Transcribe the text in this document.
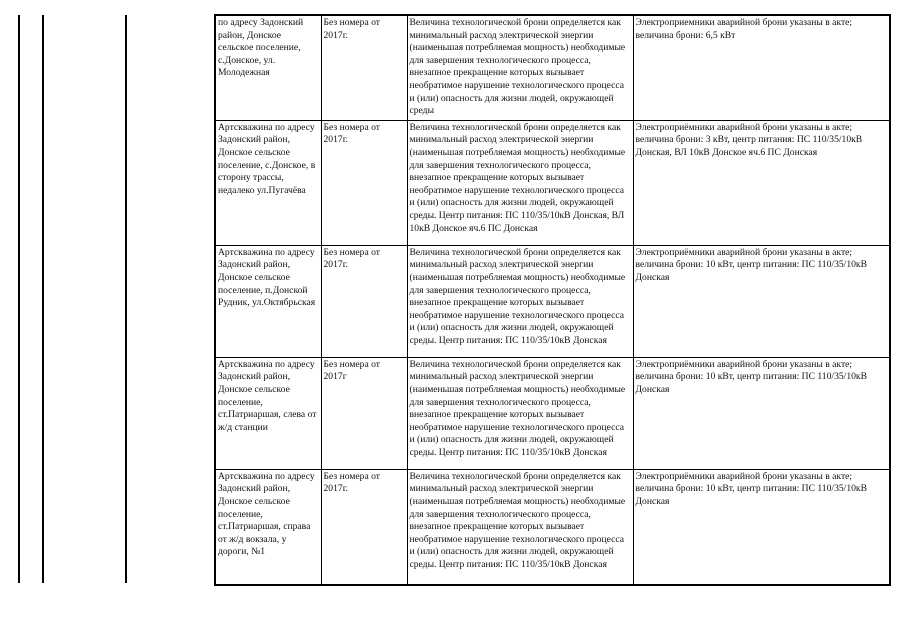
по адресу Задонский район, Донское сельское поселение, с.Донское, ул. Молодежная	Без номера от 2017г.	Величина технологической брони определяется как минимальный расход электрической энергии (наименьшая потребляемая мощность) необходимые для завершения технологического процесса, внезапное прекращение которых вызывает необратимое нарушение технологического процесса и (или) опасность для жизни людей, окружающей среды	Электроприемники аварийной брони указаны в акте; величина брони: 6,5 кВт
Артскважина по адресу Задонский район, Донское сельское поселение, с.Донское, в сторону трассы, недалеко ул.Пугачёва	Без номера от 2017г.	Величина технологической брони определяется как минимальный расход электрической энергии (наименьшая потребляемая мощность) необходимые для завершения технологического процесса, внезапное прекращение которых вызывает необратимое нарушение технологического процесса и (или) опасность для жизни людей, окружающей среды. Центр питания: ПС 110/35/10кВ Донская, ВЛ 10кВ Донское яч.6 ПС Донская	Электроприёмники аварийной брони указаны в акте; величина брони: 3 кВт, центр питания: ПС 110/35/10кВ Донская, ВЛ 10кВ Донское яч.6 ПС Донская
Артскважина по адресу Задонский район, Донское сельское поселение, п.Донской Рудник, ул.Октябрьская	Без номера от 2017г.	Величина технологической брони определяется как минимальный расход электрической энергии (наименьшая потребляемая мощность) необходимые для завершения технологического процесса, внезапное прекращение которых вызывает необратимое нарушение технологического процесса и (или) опасность для жизни людей, окружающей среды. Центр питания: ПС 110/35/10кВ Донская	Электроприёмники аварийной брони указаны в акте; величина брони: 10 кВт, центр питания: ПС 110/35/10кВ Донская
Артскважина по адресу Задонский район, Донское сельское поселение, ст.Патриаршая, слева от ж/д станции	Без номера от 2017г	Величина технологической брони определяется как минимальный расход электрической энергии (наименьшая потребляемая мощность) необходимые для завершения технологического процесса, внезапное прекращение которых вызывает необратимое нарушение технологического процесса и (или) опасность для жизни людей, окружающей среды. Центр питания: ПС 110/35/10кВ Донская	Электроприёмники аварийной брони указаны в акте; величина брони: 10 кВт, центр питания: ПС 110/35/10кВ Донская
Артскважина по адресу Задонский район, Донское сельское поселение, ст.Патриаршая, справа от ж/д вокзала, у дороги, №1	Без номера от 2017г.	Величина технологической брони определяется как минимальный расход электрической энергии (наименьшая потребляемая мощность) необходимые для завершения технологического процесса, внезапное прекращение которых вызывает необратимое нарушение технологического процесса и (или) опасность для жизни людей, окружающей среды. Центр питания: ПС 110/35/10кВ Донская	Электроприёмники аварийной брони указаны в акте; величина брони: 10 кВт, центр питания: ПС 110/35/10кВ Донская
